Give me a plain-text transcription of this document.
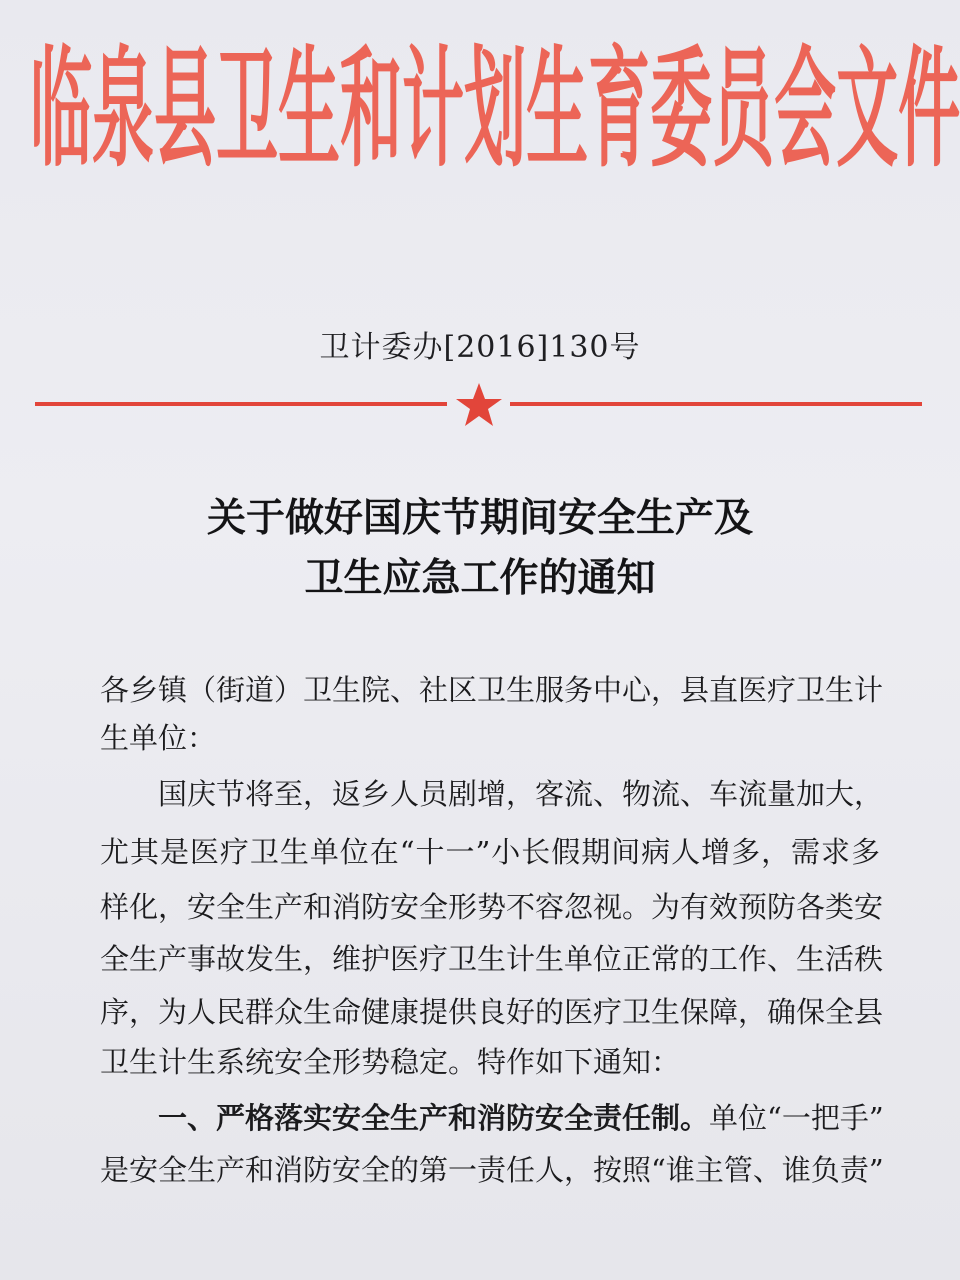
临 泉 县 卫 生 和 计 划 生 育 委 员 会 文 件
卫计委办[2016]130号
关于做好国庆节期间安全生产及
卫生应急工作的通知
各乡镇（街道）卫生院、社区卫生服务中心，县直医疗卫生计
生单位：
国庆节将至，返乡人员剧增，客流、物流、车流量加大，
尤其是医疗卫生单位在“十一”小长假期间病人增多，需求多
样化，安全生产和消防安全形势不容忽视。为有效预防各类安
全生产事故发生，维护医疗卫生计生单位正常的工作、生活秩
序，为人民群众生命健康提供良好的医疗卫生保障，确保全县
卫生计生系统安全形势稳定。特作如下通知：
一、严格落实安全生产和消防安全责任制。单位“一把手”
是安全生产和消防安全的第一责任人，按照“谁主管、谁负责”
